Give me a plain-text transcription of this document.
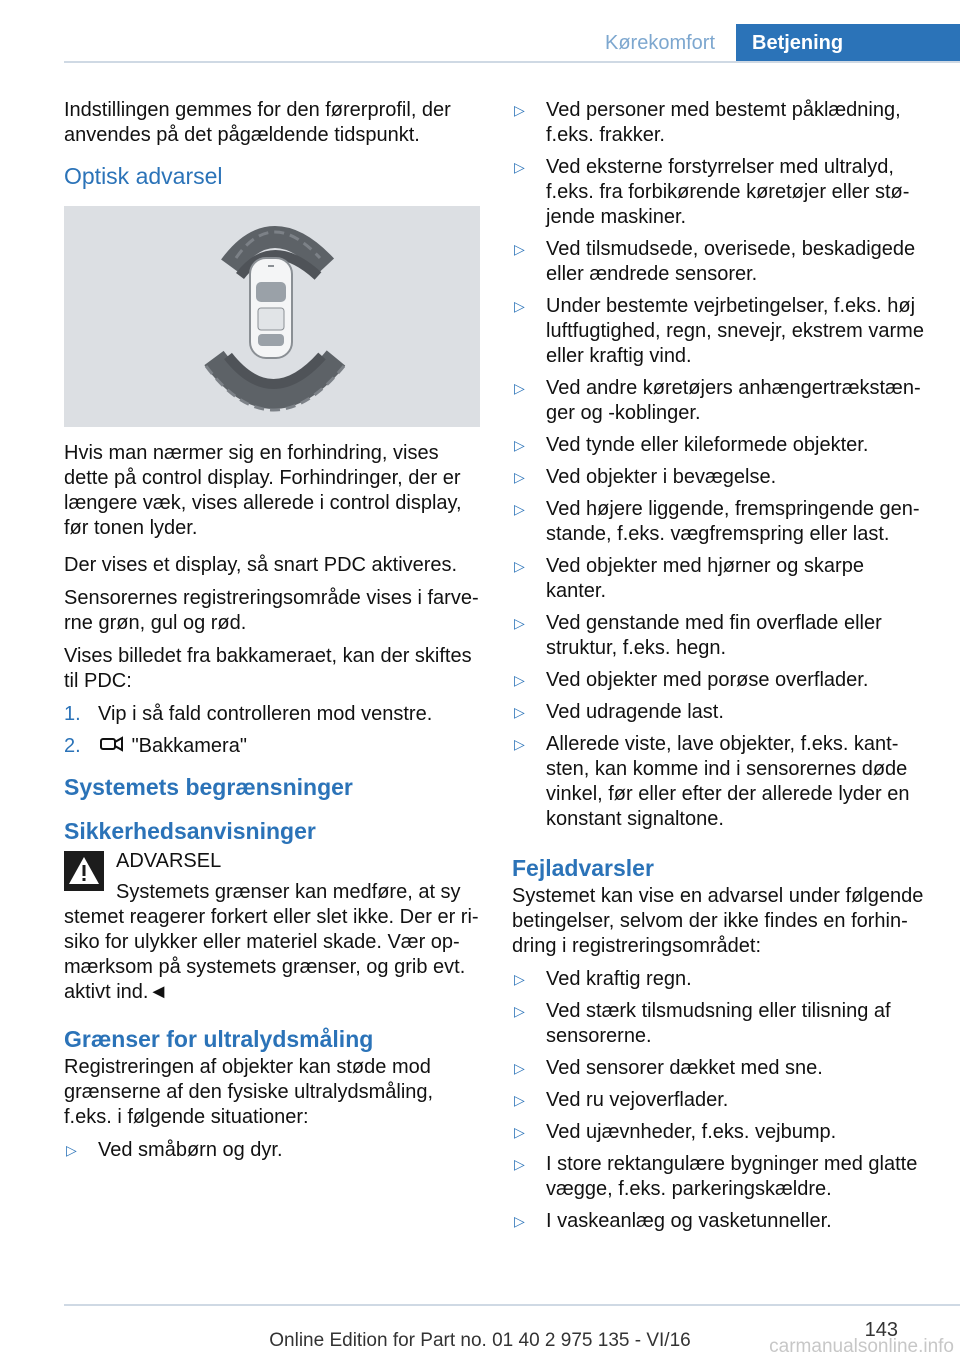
Kørekomfort	Betjening

Indstillingen gemmes for den førerprofil, der anvendes på det pågældende tidspunkt.

Optisk advarsel

Hvis man nærmer sig en forhindring, vises dette på control display. Forhindringer, der er længere væk, vises allerede i control display, før tonen lyder.

Der vises et display, så snart PDC aktiveres.

Sensorernes registreringsområde vises i farverne grøn, gul og rød.

Vises billedet fra bakkameraet, kan der skiftes til PDC:

1. Vip i så fald controlleren mod venstre.
2.	"Bakkamera"
Systemets begrænsninger
Sikkerhedsanvisninger
ADVARSEL
Systemets grænser kan medføre, at sy
stemet reagerer forkert eller slet ikke. Der er risiko for ulykker eller materiel skade. Vær opmærksom på systemets grænser, og grib evt. aktivt ind.◄
Grænser for ultralydsmåling

Registreringen af objekter kan støde mod grænserne af den fysiske ultralydsmåling, f.eks. i følgende situationer:

▷ Ved småbørn og dyr.
▷ Ved personer med bestemt påklædning, f.eks. frakker.
▷ Ved eksterne forstyrrelser med ultralyd, f.eks. fra forbikørende køretøjer eller støjende maskiner.
▷ Ved tilsmudsede, overisede, beskadigede eller ændrede sensorer.
▷ Under bestemte vejrbetingelser, f.eks. høj luftfugtighed, regn, snevejr, ekstrem varme eller kraftig vind.
▷ Ved andre køretøjers anhængertrækstænger og -koblinger.
▷ Ved tynde eller kileformede objekter.
▷ Ved objekter i bevægelse.
▷ Ved højere liggende, fremspringende genstande, f.eks. vægfremspring eller last.
▷ Ved objekter med hjørner og skarpe kanter.
▷ Ved genstande med fin overflade eller struktur, f.eks. hegn.
▷ Ved objekter med porøse overflader.
▷ Ved udragende last.
▷ Allerede viste, lave objekter, f.eks. kantsten, kan komme ind i sensorernes døde vinkel, før eller efter der allerede lyder en konstant signaltone.
Fejladvarsler

Systemet kan vise en advarsel under følgende betingelser, selvom der ikke findes en forhindring i registreringsområdet:

▷ Ved kraftig regn.
▷ Ved stærk tilsmudsning eller tilisning af sensorerne.
▷ Ved sensorer dækket med sne.
▷ Ved ru vejoverflader.
▷ Ved ujævnheder, f.eks. vejbump.
▷ I store rektangulære bygninger med glatte vægge, f.eks. parkeringskældre.
▷ I vaskeanlæg og vasketunneller.
143
Online Edition for Part no. 01 40 2 975 135 - VI/16	carmanualsonline.info
